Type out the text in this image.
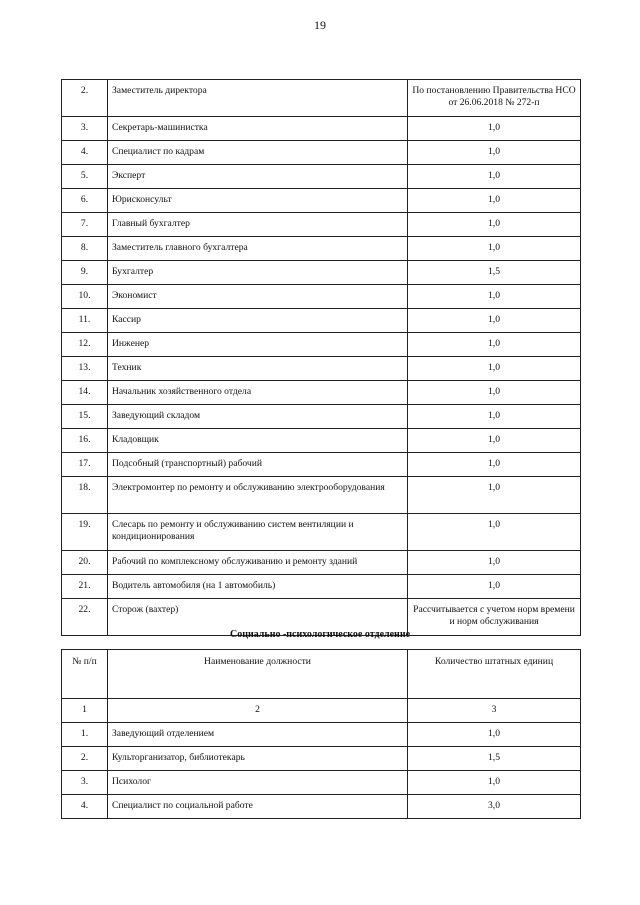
19
2.	Заместитель директора	По постановлению Правительства НСО от 26.06.2018 № 272-п
3.	Секретарь-машинистка	1,0
4.	Специалист по кадрам	1,0
5.	Эксперт	1,0
6.	Юрисконсульт	1,0
7.	Главный бухгалтер	1,0
8.	Заместитель главного бухгалтера	1,0
9.	Бухгалтер	1,5
10.	Экономист	1,0
11.	Кассир	1,0
12.	Инженер	1,0
13.	Техник	1,0
14.	Начальник хозяйственного отдела	1,0
15.	Заведующий складом	1,0
16.	Кладовщик	1,0
17.	Подсобный (транспортный) рабочий	1,0
18.	Электромонтер по ремонту и обслуживанию электрооборудования	1,0
19.	Слесарь по ремонту и обслуживанию систем вентиляции и кондиционирования	1,0
20.	Рабочий по комплексному обслуживанию и ремонту зданий	1,0
21.	Водитель автомобиля (на 1 автомобиль)	1,0
22.	Сторож (вахтер)	Рассчитывается с учетом норм времени и норм обслуживания
Социально -психологическое отделение
№ п/п	Наименование должности	Количество штатных единиц
1	2	3
1.	Заведующий отделением	1,0
2.	Культорганизатор, библиотекарь	1,5
3.	Психолог	1,0
4.	Специалист по социальной работе	3,0
